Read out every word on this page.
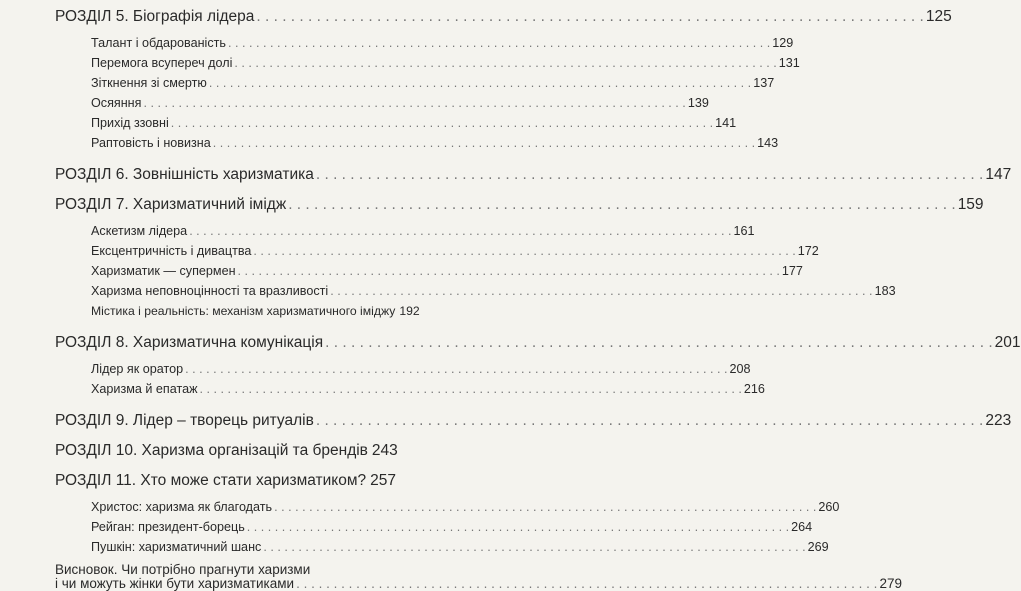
РОЗДІЛ 5. Біографія лідера . . .	125
Талант і обдарованість . . .	129
Перемога всупереч долі . . .	131
Зіткнення зі смертю . . .	137
Осяяння . . .	139
Прихід ззовні . . .	141
Раптовість і новизна . . .	143
РОЗДІЛ 6. Зовнішність харизматика . . .	147
РОЗДІЛ 7. Харизматичний імідж . . .	159
Аскетизм лідера . . .	161
Ексцентричність і дивацтва . . .	172
Харизматик — супермен . . .	177
Харизма неповноцінності та вразливості . . .	183
Містика і реальність: механізм харизматичного іміджу 192
РОЗДІЛ 8. Харизматична комунікація . . .	201
Лідер як оратор . . .	208
Харизма й епатаж . . .	216
РОЗДІЛ 9. Лідер – творець ритуалів . . .	223
РОЗДІЛ 10. Харизма організацій та брендів 243
РОЗДІЛ 11. Хто може стати харизматиком? 257
Христос: харизма як благодать . . .	260
Рейган: президент-борець . . .	264
Пушкін: харизматичний шанс . . .	269
Висновок. Чи потрібно прагнути харизми
і чи можуть жінки бути харизматиками . . .	279
